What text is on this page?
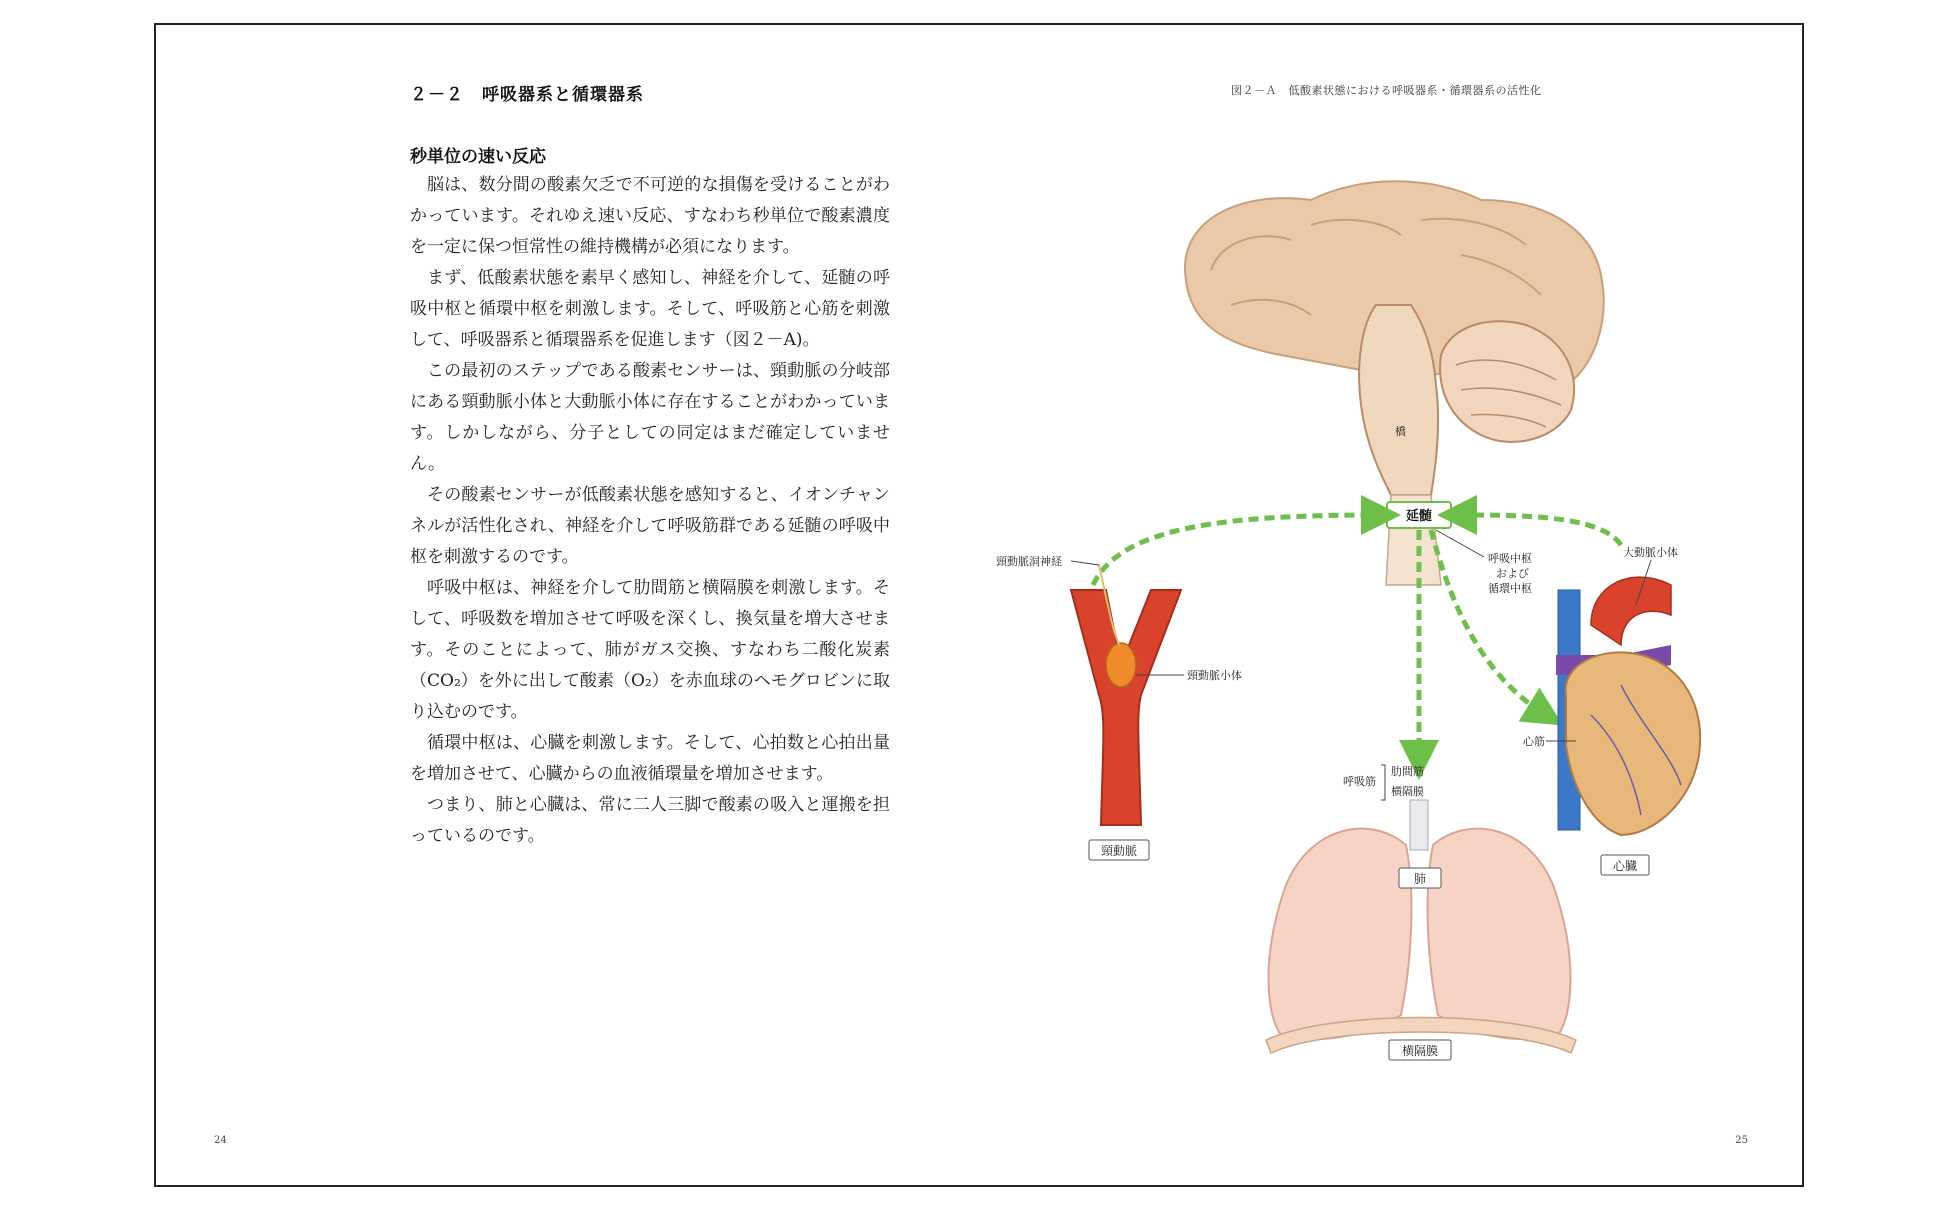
２－２　呼吸器系と循環器系
秒単位の速い反応

脳は、数分間の酸素欠乏で不可逆的な損傷を受けることがわかっています。それゆえ速い反応、すなわち秒単位で酸素濃度を一定に保つ恒常性の維持機構が必須になります。

まず、低酸素状態を素早く感知し、神経を介して、延髄の呼吸中枢と循環中枢を刺激します。そして、呼吸筋と心筋を刺激して、呼吸器系と循環器系を促進します（図２－A)。

この最初のステップである酸素センサーは、頸動脈の分岐部にある頸動脈小体と大動脈小体に存在することがわかっています。しかしながら、分子としての同定はまだ確定していません。

その酸素センサーが低酸素状態を感知すると、イオンチャンネルが活性化され、神経を介して呼吸筋群である延髄の呼吸中枢を刺激するのです。

呼吸中枢は、神経を介して肋間筋と横隔膜を刺激します。そして、呼吸数を増加させて呼吸を深くし、換気量を増大させます。そのことによって、肺がガス交換、すなわち二酸化炭素（CO₂）を外に出して酸素（O₂）を赤血球のヘモグロビンに取り込むのです。

循環中枢は、心臓を刺激します。そして、心拍数と心拍出量を増加させて、心臓からの血液循環量を増加させます。

つまり、肺と心臓は、常に二人三脚で酸素の吸入と運搬を担っているのです。

24
図２－Ａ　低酸素状態における呼吸器系・循環器系の活性化
橋
延髄
呼吸中枢
および
循環中枢
頸動脈洞神経
頸動脈小体
頸動脈
大動脈小体
心筋
心臓
呼吸筋
肋間筋
横隔膜
肺
横隔膜
25
